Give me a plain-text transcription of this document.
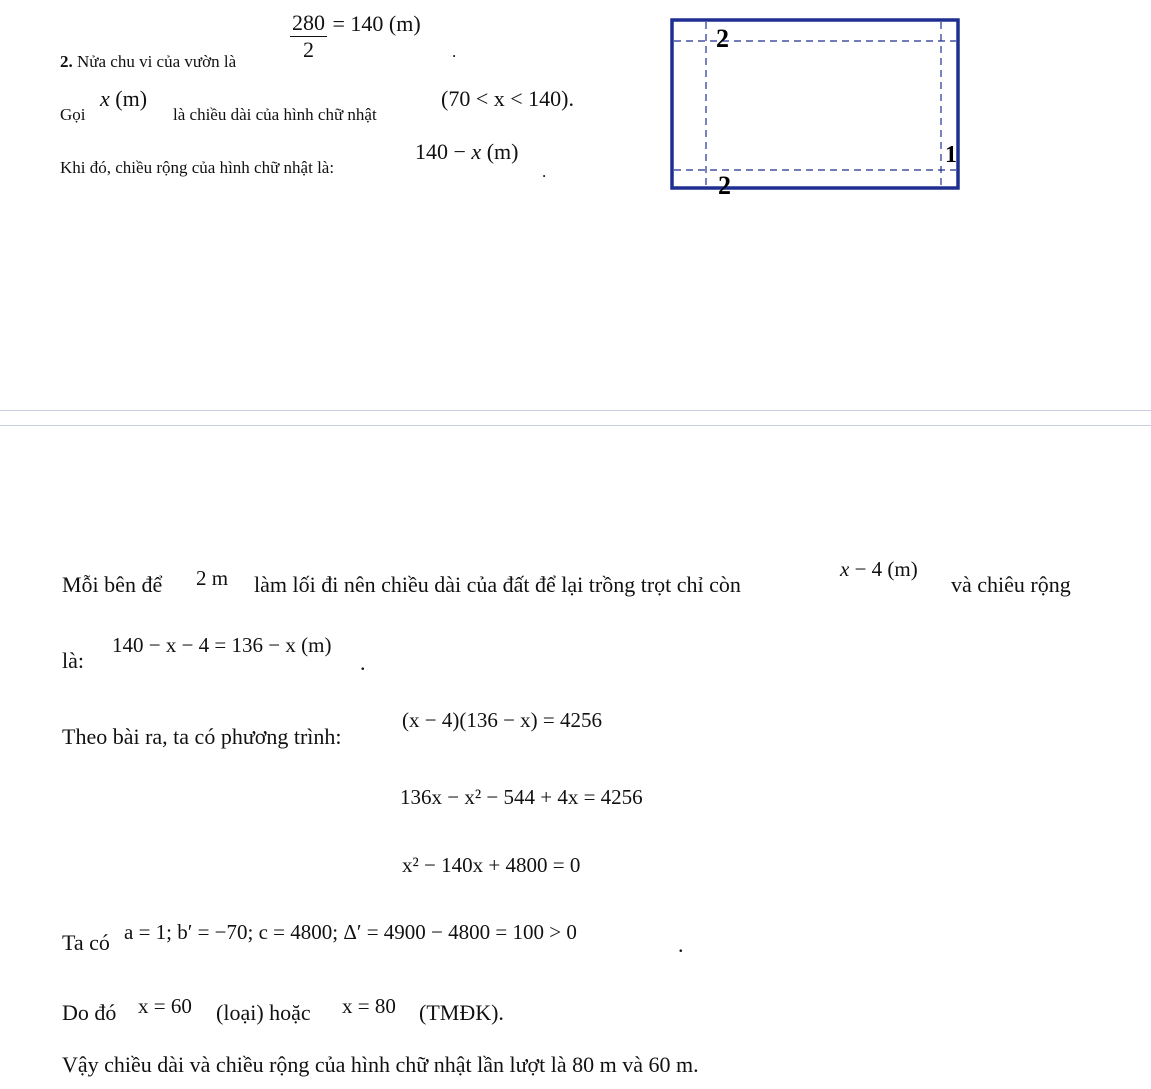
2. Nửa chu vi của vườn là $\frac{280}{2} = 140$ (m)
.
Gọi
x (m)
là chiều dài của hình chữ nhật
(70 < x < 140).
Khi đó, chiều rộng của hình chữ nhật là:
140 − x (m)
.
2
2
1
Mỗi bên để 2 m làm lối đi nên chiều dài của đất để lại trồng trọt chỉ còn
x − 4 (m)
và chiêu rộng
là:
140 − x − 4 = 136 − x (m)
.
Theo bài ra, ta có phương trình:
(x − 4)(136 − x) = 4256
136x − x² − 544 + 4x = 4256
x² − 140x + 4800 = 0
Ta có a = 1; b′ = −70; c = 4800; Δ′ = 4900 − 4800 = 100 > 0	.
Do đó x = 60 (loại) hoặc x = 80 (TMĐK).
Vậy chiều dài và chiều rộng của hình chữ nhật lần lượt là 80 m và 60 m.
